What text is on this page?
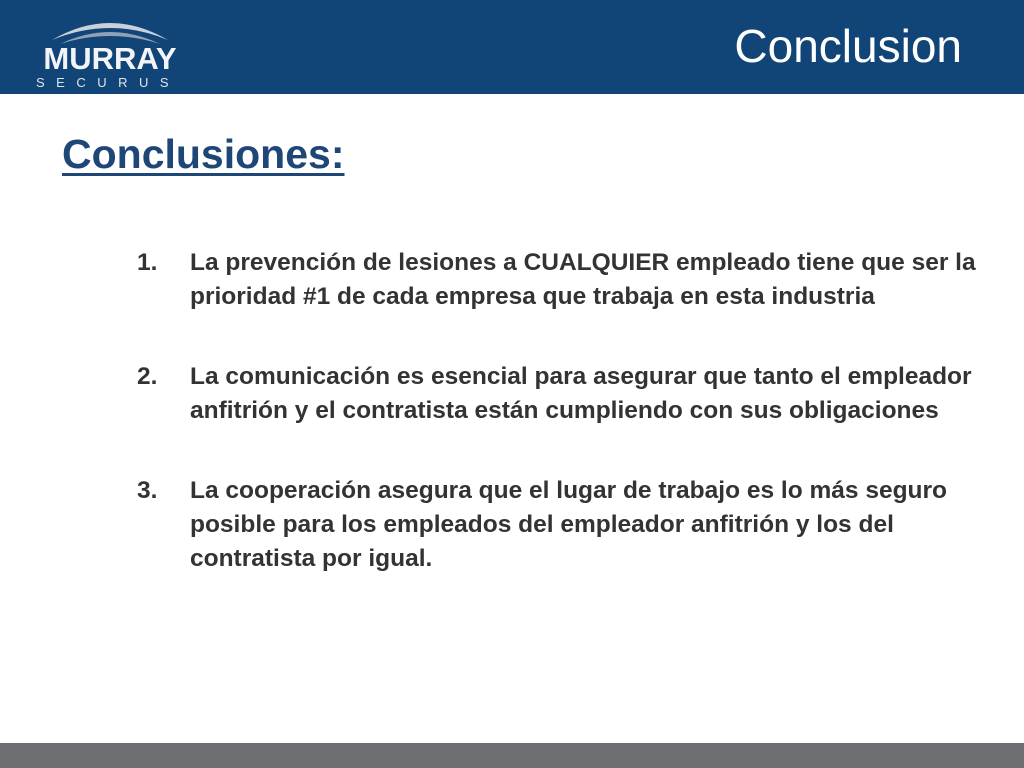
MURRAY
SECURUS
Conclusion
Conclusiones:
1. La prevención de lesiones a CUALQUIER empleado tiene que ser la prioridad #1 de cada empresa que trabaja en esta industria
2. La comunicación es esencial para asegurar que tanto el empleador anfitrión y el contratista están cumpliendo con sus obligaciones
3. La cooperación asegura que el lugar de trabajo es lo más seguro posible para los empleados del empleador anfitrión y los del contratista por igual.
